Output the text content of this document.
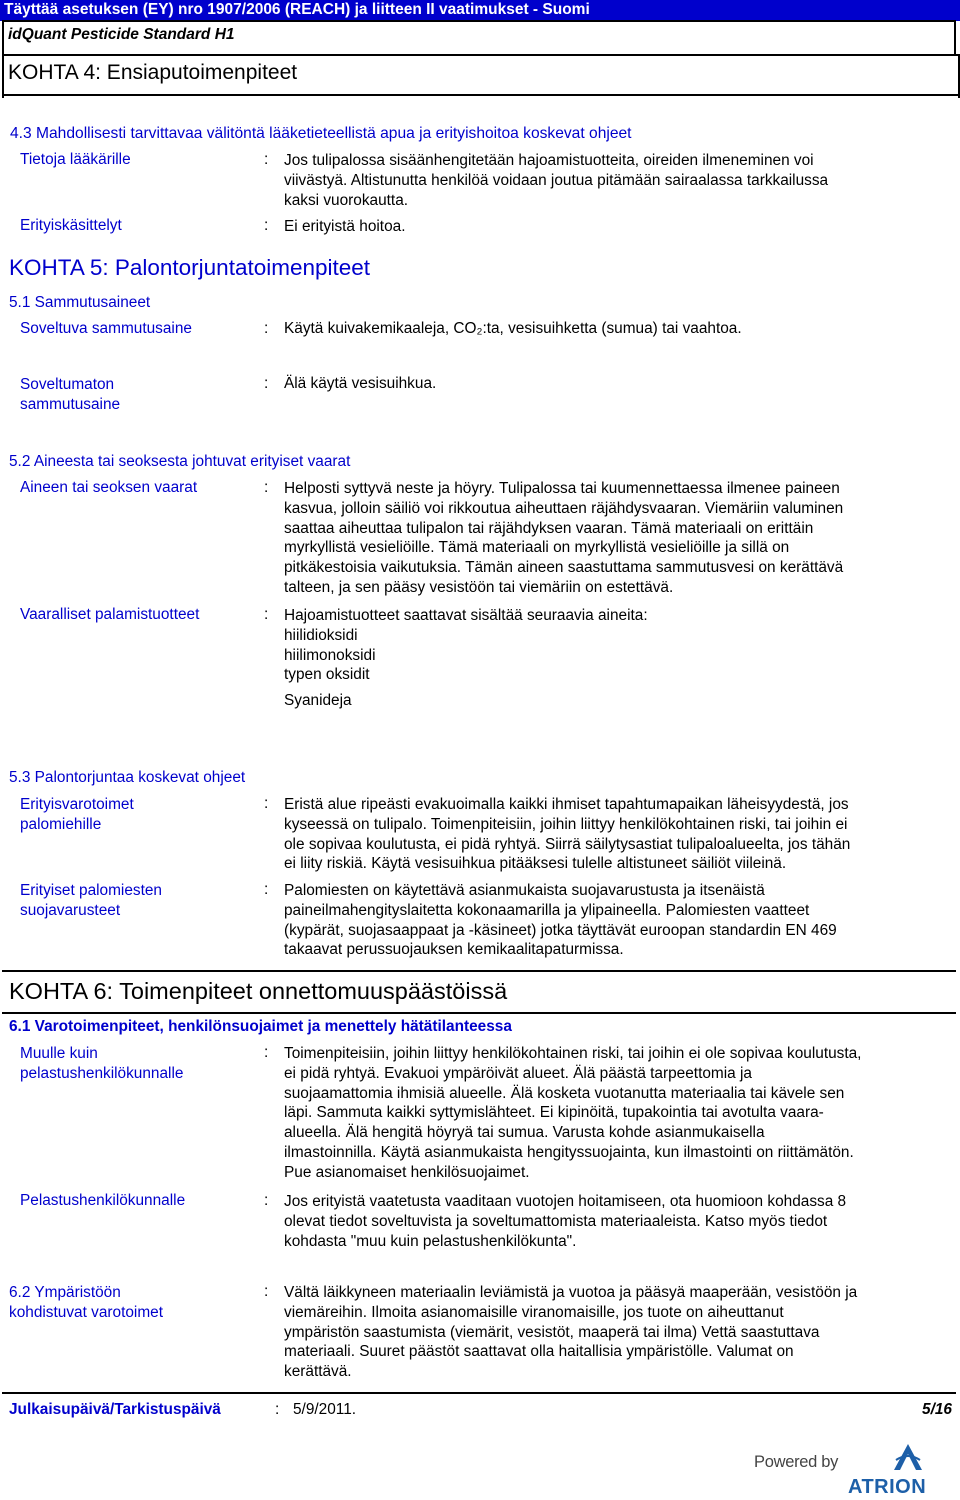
Täyttää asetuksen (EY) nro 1907/2006 (REACH) ja liitteen II vaatimukset - Suomi
idQuant Pesticide Standard H1
KOHTA 4: Ensiaputoimenpiteet
4.3 Mahdollisesti tarvittavaa välitöntä lääketieteellistä apua ja erityishoitoa koskevat ohjeet
Tietoja lääkärille	: Jos tulipalossa sisäänhengitetään hajoamistuotteita, oireiden ilmeneminen voi
viivästyä. Altistunutta henkilöä voidaan joutua pitämään sairaalassa tarkkailussa
kaksi vuorokautta.
Erityiskäsittelyt	: Ei erityistä hoitoa.
KOHTA 5: Palontorjuntatoimenpiteet
5.1 Sammutusaineet
Soveltuva sammutusaine	: Käytä kuivakemikaaleja, CO₂:ta, vesisuihketta (sumua) tai vaahtoa.
Soveltumaton
sammutusaine
: Älä käytä vesisuihkua.
5.2 Aineesta tai seoksesta johtuvat erityiset vaarat
Aineen tai seoksen vaarat	: Helposti syttyvä neste ja höyry. Tulipalossa tai kuumennettaessa ilmenee paineen
kasvua, jolloin säiliö voi rikkoutua aiheuttaen räjähdysvaaran. Viemäriin valuminen
saattaa aiheuttaa tulipalon tai räjähdyksen vaaran. Tämä materiaali on erittäin
myrkyllistä vesieliöille. Tämä materiaali on myrkyllistä vesieliöille ja sillä on
pitkäkestoisia vaikutuksia. Tämän aineen saastuttama sammutusvesi on kerättävä
talteen, ja sen pääsy vesistöön tai viemäriin on estettävä.
Vaaralliset palamistuotteet	: Hajoamistuotteet saattavat sisältää seuraavia aineita:
hiilidioksidi
hiilimonoksidi
typen oksidit
Syanideja
5.3 Palontorjuntaa koskevat ohjeet
Erityisvarotoimet
palomiehille
: Eristä alue ripeästi evakuoimalla kaikki ihmiset tapahtumapaikan läheisyydestä, jos
kyseessä on tulipalo. Toimenpiteisiin, joihin liittyy henkilökohtainen riski, tai joihin ei
ole sopivaa koulutusta, ei pidä ryhtyä. Siirrä säilytysastiat tulipaloalueelta, jos tähän
ei liity riskiä. Käytä vesisuihkua pitääksesi tulelle altistuneet säiliöt viileinä.
Erityiset palomiesten
suojavarusteet
: Palomiesten on käytettävä asianmukaista suojavarustusta ja itsenäistä
paineilmahengityslaitetta kokonaamarilla ja ylipaineella. Palomiesten vaatteet
(kypärät, suojasaappaat ja -käsineet) jotka täyttävät euroopan standardin EN 469
takaavat perussuojauksen kemikaalitapaturmissa.
KOHTA 6: Toimenpiteet onnettomuuspäästöissä
6.1 Varotoimenpiteet, henkilönsuojaimet ja menettely hätätilanteessa
Muulle kuin
pelastushenkilökunnalle
: Toimenpiteisiin, joihin liittyy henkilökohtainen riski, tai joihin ei ole sopivaa koulutusta,
ei pidä ryhtyä. Evakuoi ympäröivät alueet. Älä päästä tarpeettomia ja
suojaamattomia ihmisiä alueelle. Älä kosketa vuotanutta materiaalia tai kävele sen
läpi. Sammuta kaikki syttymislähteet. Ei kipinöitä, tupakointia tai avotulta vaara-
alueella. Älä hengitä höyryä tai sumua. Varusta kohde asianmukaisella
ilmastoinnilla. Käytä asianmukaista hengityssuojainta, kun ilmastointi on riittämätön.
Pue asianomaiset henkilösuojaimet.
Pelastushenkilökunnalle	: Jos erityistä vaatetusta vaaditaan vuotojen hoitamiseen, ota huomioon kohdassa 8
olevat tiedot soveltuvista ja soveltumattomista materiaaleista. Katso myös tiedot
kohdasta "muu kuin pelastushenkilökunta".
6.2 Ympäristöön
kohdistuvat varotoimet
: Vältä läikkyneen materiaalin leviämistä ja vuotoa ja pääsyä maaperään, vesistöön ja
viemäreihin. Ilmoita asianomaisille viranomaisille, jos tuote on aiheuttanut
ympäristön saastumista (viemärit, vesistöt, maaperä tai ilma) Vettä saastuttava
materiaali. Suuret päästöt saattavat olla haitallisia ympäristölle. Valumat on
kerättävä.
Julkaisupäivä/Tarkistuspäivä	: 5/9/2011.	5/16
Powered by
ATRION
